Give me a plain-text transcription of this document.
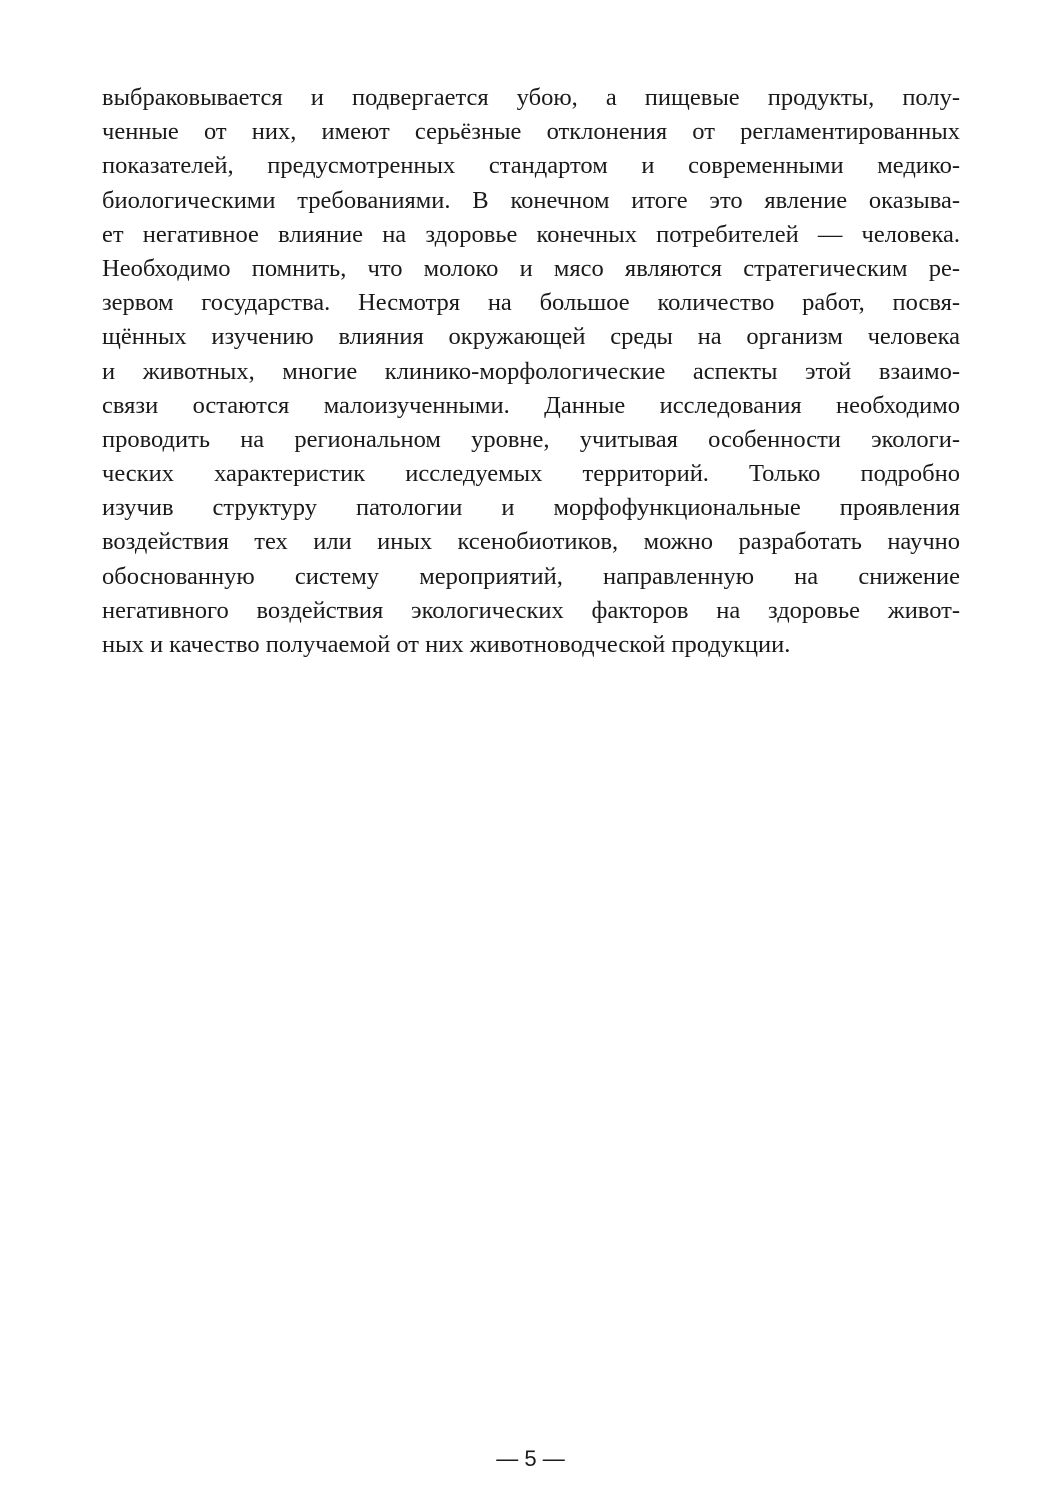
выбраковывается и подвергается убою, а пищевые продукты, полу-
ченные от них, имеют серьёзные отклонения от регламентированных
показателей, предусмотренных стандартом и современными медико-
биологическими требованиями. В конечном итоге это явление оказыва-
ет негативное влияние на здоровье конечных потребителей — человека.
Необходимо помнить, что молоко и мясо являются стратегическим ре-
зервом государства. Несмотря на большое количество работ, посвя-
щённых изучению влияния окружающей среды на организм человека
и животных, многие клинико-морфологические аспекты этой взаимо-
связи остаются малоизученными. Данные исследования необходимо
проводить на региональном уровне, учитывая особенности экологи-
ческих характеристик исследуемых территорий. Только подробно
изучив структуру патологии и морфофункциональные проявления
воздействия тех или иных ксенобиотиков, можно разработать научно
обоснованную систему мероприятий, направленную на снижение
негативного воздействия экологических факторов на здоровье живот-
ных и качество получаемой от них животноводческой продукции.
— 5 —
